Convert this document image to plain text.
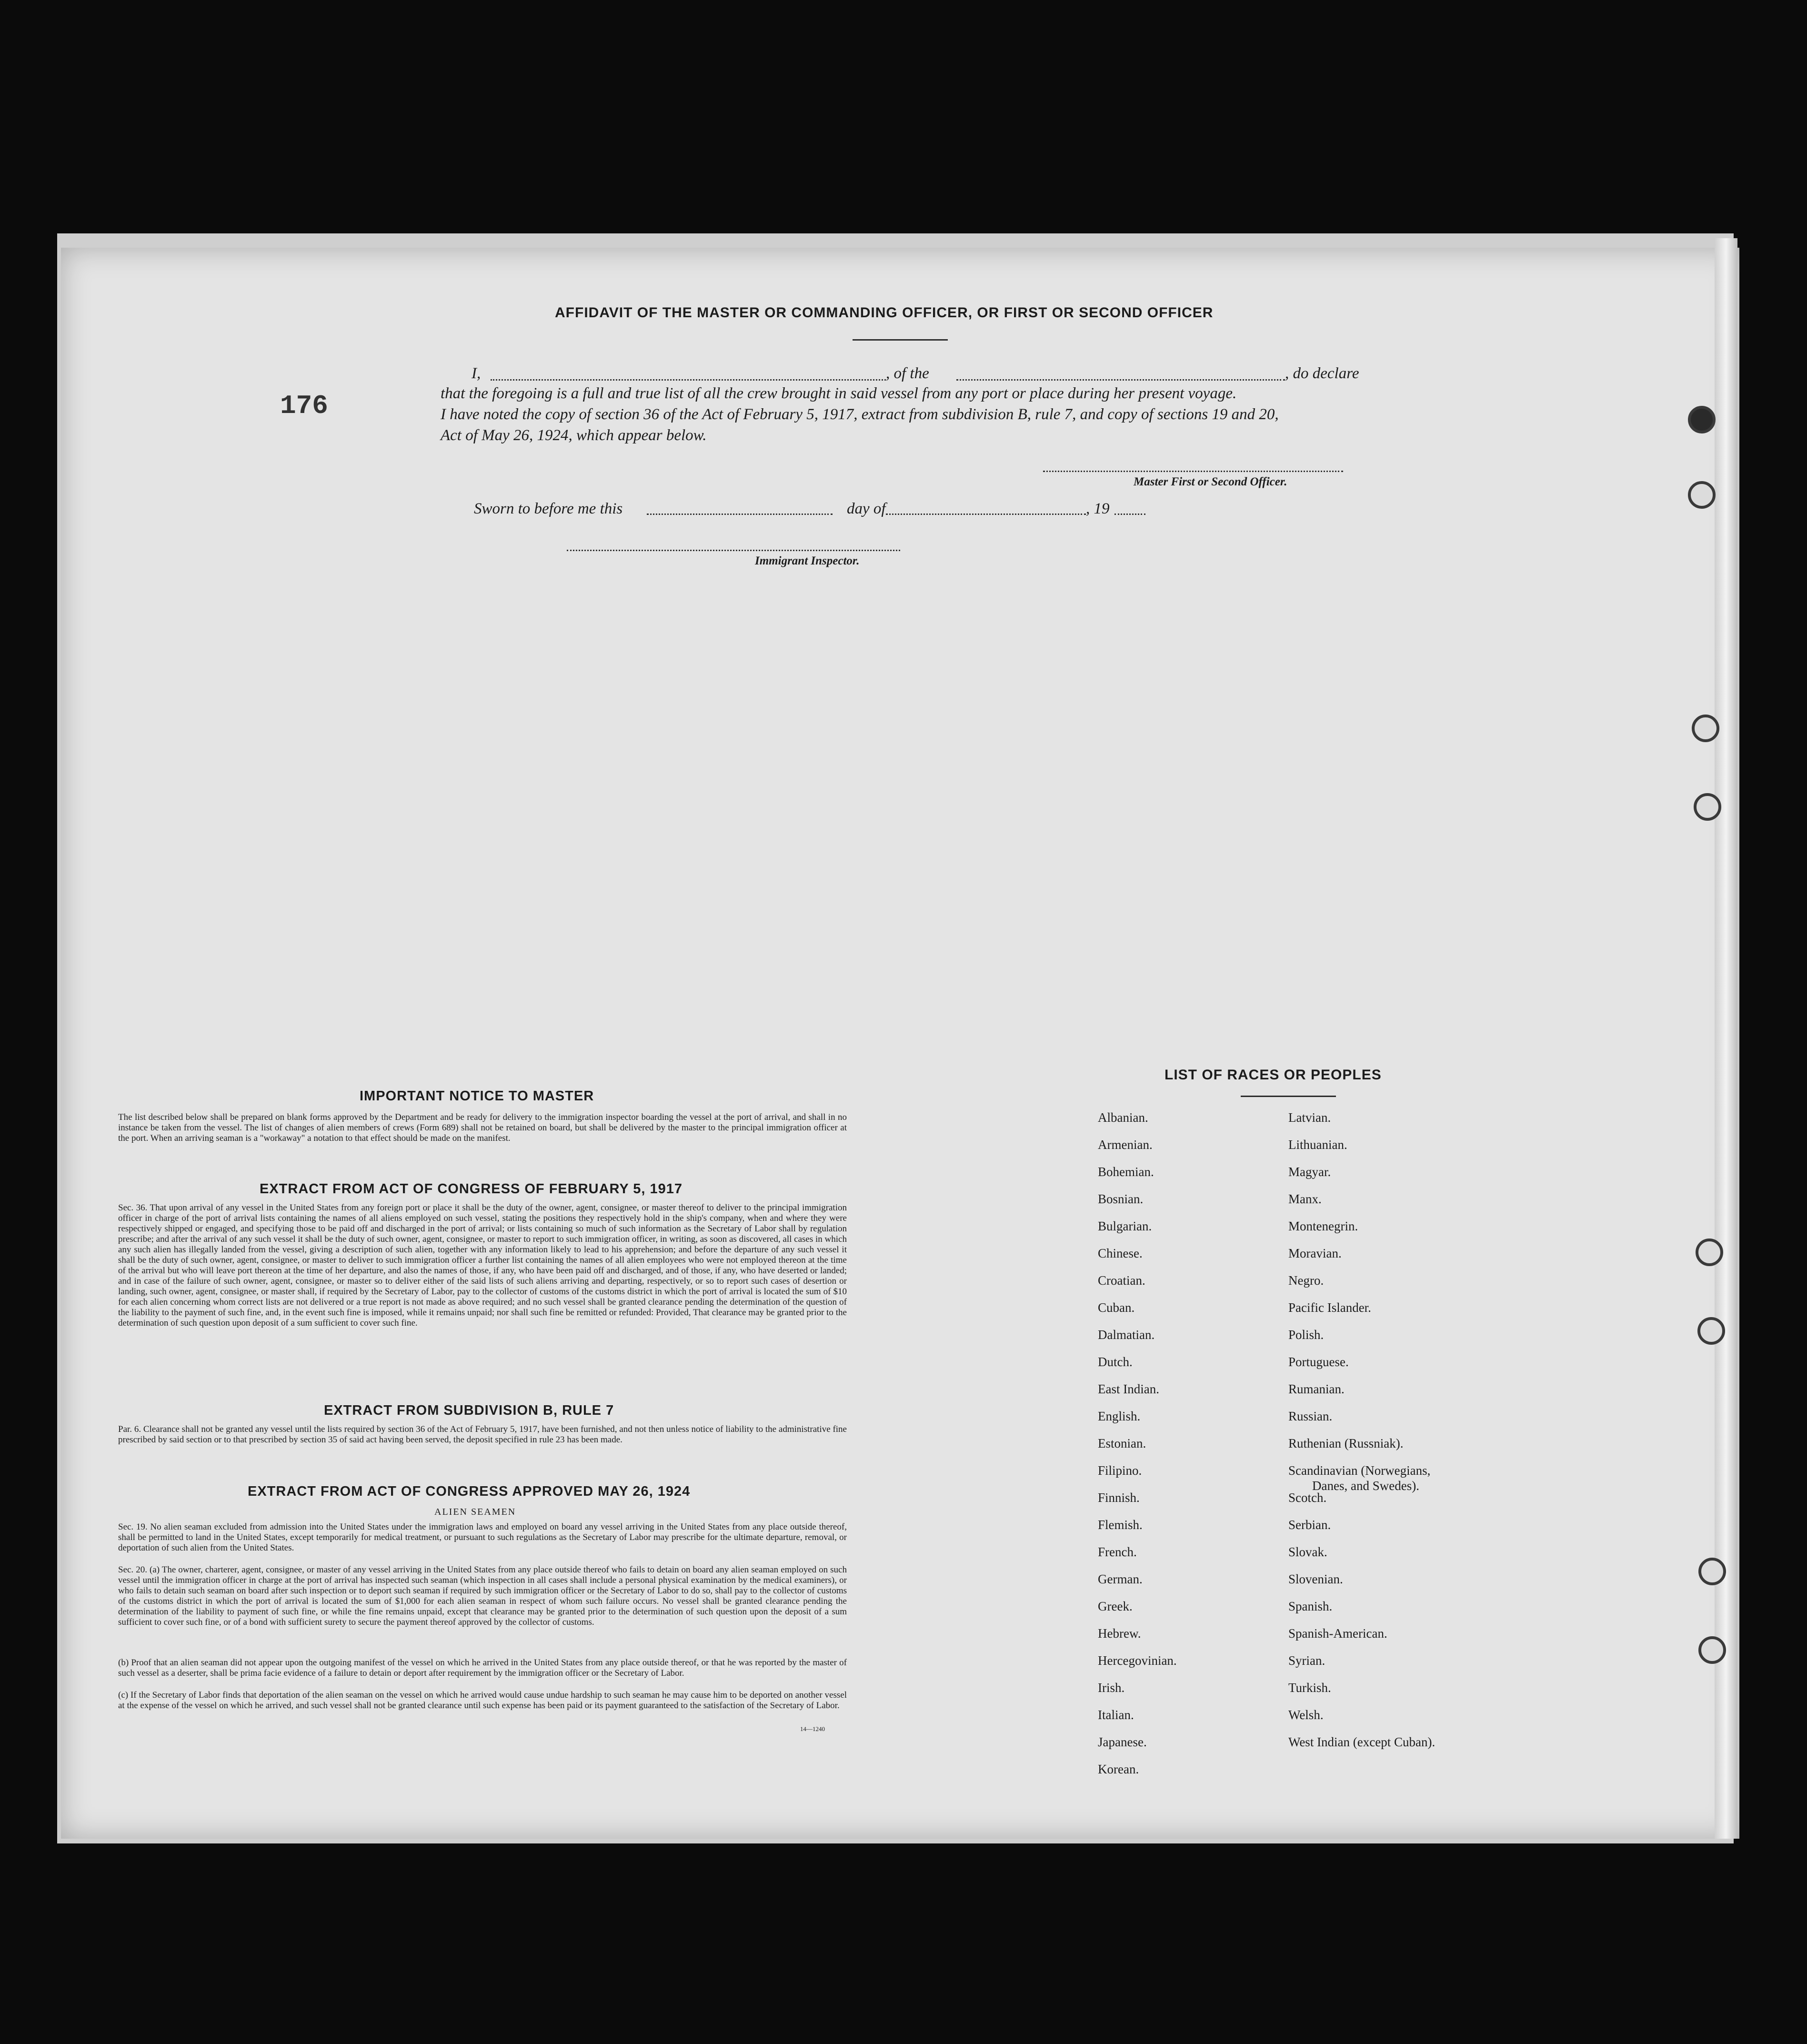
AFFIDAVIT OF THE MASTER OR COMMANDING OFFICER, OR FIRST OR SECOND OFFICER
176
I,	, of the	, do declare
that the foregoing is a full and true list of all the crew brought in said vessel from any port or place during her present voyage.
I have noted the copy of section 36 of the Act of February 5, 1917, extract from subdivision B, rule 7, and copy of sections 19 and 20,
Act of May 26, 1924, which appear below.
Master First or Second Officer.
Sworn to before me this	day of	, 19
Immigrant Inspector.
IMPORTANT NOTICE TO MASTER
The list described below shall be prepared on blank forms approved by the Department and be ready for delivery to the immigration inspector boarding the vessel at the port of arrival, and shall in no instance be taken from the vessel. The list of changes of alien members of crews (Form 689) shall not be retained on board, but shall be delivered by the master to the principal immigration officer at the port. When an arriving seaman is a "workaway" a notation to that effect should be made on the manifest.
EXTRACT FROM ACT OF CONGRESS OF FEBRUARY 5, 1917
Sec. 36. That upon arrival of any vessel in the United States from any foreign port or place it shall be the duty of the owner, agent, consignee, or master thereof to deliver to the principal immigration officer in charge of the port of arrival lists containing the names of all aliens employed on such vessel, stating the positions they respectively hold in the ship's company, when and where they were respectively shipped or engaged, and specifying those to be paid off and discharged in the port of arrival; or lists containing so much of such information as the Secretary of Labor shall by regulation prescribe; and after the arrival of any such vessel it shall be the duty of such owner, agent, consignee, or master to report to such immigration officer, in writing, as soon as discovered, all cases in which any such alien has illegally landed from the vessel, giving a description of such alien, together with any information likely to lead to his apprehension; and before the departure of any such vessel it shall be the duty of such owner, agent, consignee, or master to deliver to such immigration officer a further list containing the names of all alien employees who were not employed thereon at the time of the arrival but who will leave port thereon at the time of her departure, and also the names of those, if any, who have been paid off and discharged, and of those, if any, who have deserted or landed; and in case of the failure of such owner, agent, consignee, or master so to deliver either of the said lists of such aliens arriving and departing, respectively, or so to report such cases of desertion or landing, such owner, agent, consignee, or master shall, if required by the Secretary of Labor, pay to the collector of customs of the customs district in which the port of arrival is located the sum of $10 for each alien concerning whom correct lists are not delivered or a true report is not made as above required; and no such vessel shall be granted clearance pending the determination of the question of the liability to the payment of such fine, and, in the event such fine is imposed, while it remains unpaid; nor shall such fine be remitted or refunded: Provided, That clearance may be granted prior to the determination of such question upon deposit of a sum sufficient to cover such fine.
EXTRACT FROM SUBDIVISION B, RULE 7
Par. 6. Clearance shall not be granted any vessel until the lists required by section 36 of the Act of February 5, 1917, have been furnished, and not then unless notice of liability to the administrative fine prescribed by said section or to that prescribed by section 35 of said act having been served, the deposit specified in rule 23 has been made.
EXTRACT FROM ACT OF CONGRESS APPROVED MAY 26, 1924
ALIEN SEAMEN
Sec. 19. No alien seaman excluded from admission into the United States under the immigration laws and employed on board any vessel arriving in the United States from any place outside thereof, shall be permitted to land in the United States, except temporarily for medical treatment, or pursuant to such regulations as the Secretary of Labor may prescribe for the ultimate departure, removal, or deportation of such alien from the United States.
Sec. 20. (a) The owner, charterer, agent, consignee, or master of any vessel arriving in the United States from any place outside thereof who fails to detain on board any alien seaman employed on such vessel until the immigration officer in charge at the port of arrival has inspected such seaman (which inspection in all cases shall include a personal physical examination by the medical examiners), or who fails to detain such seaman on board after such inspection or to deport such seaman if required by such immigration officer or the Secretary of Labor to do so, shall pay to the collector of customs of the customs district in which the port of arrival is located the sum of $1,000 for each alien seaman in respect of whom such failure occurs. No vessel shall be granted clearance pending the determination of the liability to payment of such fine, or while the fine remains unpaid, except that clearance may be granted prior to the determination of such question upon the deposit of a sum sufficient to cover such fine, or of a bond with sufficient surety to secure the payment thereof approved by the collector of customs.
(b) Proof that an alien seaman did not appear upon the outgoing manifest of the vessel on which he arrived in the United States from any place outside thereof, or that he was reported by the master of such vessel as a deserter, shall be prima facie evidence of a failure to detain or deport after requirement by the immigration officer or the Secretary of Labor.
(c) If the Secretary of Labor finds that deportation of the alien seaman on the vessel on which he arrived would cause undue hardship to such seaman he may cause him to be deported on another vessel at the expense of the vessel on which he arrived, and such vessel shall not be granted clearance until such expense has been paid or its payment guaranteed to the satisfaction of the Secretary of Labor.
14—1240
LIST OF RACES OR PEOPLES
Albanian.
Armenian.
Bohemian.
Bosnian.
Bulgarian.
Chinese.
Croatian.
Cuban.
Dalmatian.
Dutch.
East Indian.
English.
Estonian.
Filipino.
Finnish.
Flemish.
French.
German.
Greek.
Hebrew.
Hercegovinian.
Irish.
Italian.
Japanese.
Korean.
Latvian.
Lithuanian.
Magyar.
Manx.
Montenegrin.
Moravian.
Negro.
Pacific Islander.
Polish.
Portuguese.
Rumanian.
Russian.
Ruthenian (Russniak).
Scandinavian (Norwegians,
Danes, and Swedes).
Scotch.
Serbian.
Slovak.
Slovenian.
Spanish.
Spanish-American.
Syrian.
Turkish.
Welsh.
West Indian (except Cuban).
